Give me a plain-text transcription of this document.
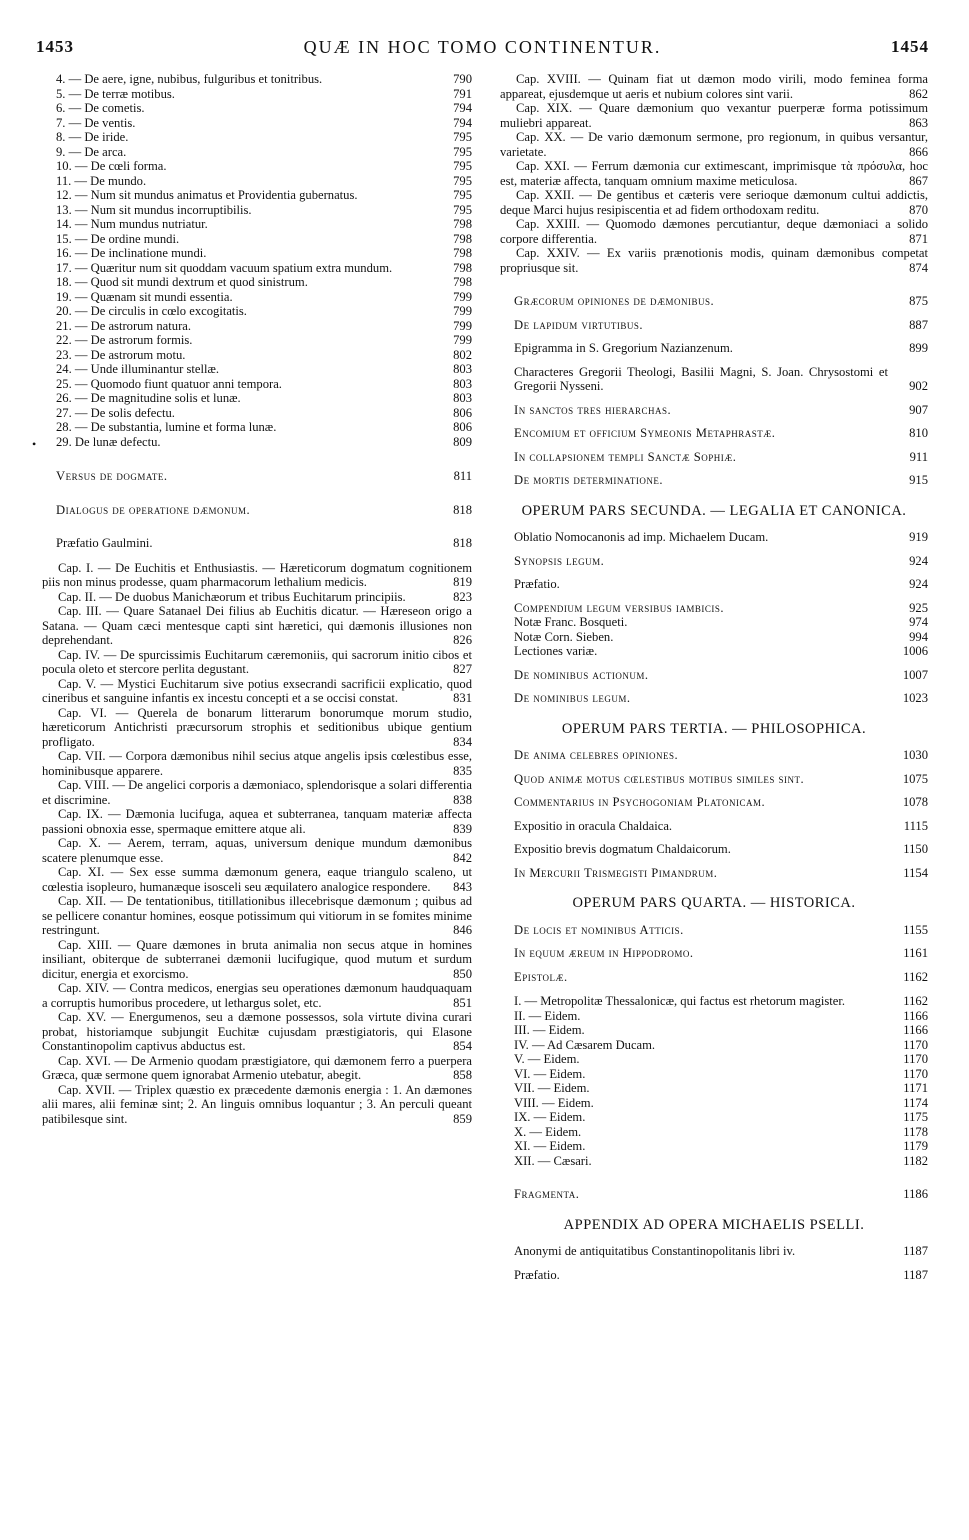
1453	QUÆ IN HOC TOMO CONTINENTUR.	1454
•

4. — De aere, igne, nubibus, fulguribus et tonitribus.	790

5. — De terræ motibus.	791

6. — De cometis.	794

7. — De ventis.	794

8. — De iride.	795

9. — De arca.	795

10. — De cœli forma.	795

11. — De mundo.	795

12. — Num sit mundus animatus et Providentia gubernatus.	795

13. — Num sit mundus incorruptibilis.	795

14. — Num mundus nutriatur.	798

15. — De ordine mundi.	798

16. — De inclinatione mundi.	798

17. — Quæritur num sit quoddam vacuum spatium extra mundum.	798

18. — Quod sit mundi dextrum et quod sinistrum.	798

19. — Quænam sit mundi essentia.	799

20. — De circulis in cœlo excogitatis.	799

21. — De astrorum natura.	799

22. — De astrorum formis.	799

23. — De astrorum motu.	802

24. — Unde illuminantur stellæ.	803

25. — Quomodo fiunt quatuor anni tempora.	803

26. — De magnitudine solis et lunæ.	803

27. — De solis defectu.	806

28. — De substantia, lumine et forma lunæ.	806

29. De lunæ defectu.	809

Versus de dogmate.	811

Dialogus de operatione dæmonum.	818

Præfatio Gaulmini.	818

Cap. I. — De Euchitis et Enthusiastis. — Hæreticorum dogmatum cognitionem piis non minus prodesse, quam pharmacorum lethalium medicis.	819

Cap. II. — De duobus Manichæorum et tribus Euchitarum principiis.	823

Cap. III. — Quare Satanael Dei filius ab Euchitis dicatur. — Hæreseon origo a Satana. — Quam cæci mentesque capti sint hæretici, qui dæmonis illusiones non deprehendant.	826

Cap. IV. — De spurcissimis Euchitarum cæremoniis, qui sacrorum initio cibos et pocula oleto et stercore perlita degustant.	827

Cap. V. — Mystici Euchitarum sive potius exsecrandi sacrificii explicatio, quod cineribus et sanguine infantis ex incestu concepti et a se occisi constat.	831

Cap. VI. — Querela de bonarum litterarum bonorumque morum studio, hæreticorum Antichristi præcursorum strophis et seditionibus ubique gentium profligato.	834

Cap. VII. — Corpora dæmonibus nihil secius atque angelis ipsis cœlestibus esse, hominibusque apparere.	835

Cap. VIII. — De angelici corporis a dæmoniaco, splendorisque a solari differentia et discrimine.	838

Cap. IX. — Dæmonia lucifuga, aquea et subterranea, tanquam materiæ affecta passioni obnoxia esse, spermaque emittere atque ali.	839

Cap. X. — Aerem, terram, aquas, universum denique mundum dæmonibus scatere plenumque esse.	842

Cap. XI. — Sex esse summa dæmonum genera, eaque triangulo scaleno, ut cœlestia isopleuro, humanæque isosceli seu æquilatero analogice respondere.	843

Cap. XII. — De tentationibus, titillationibus illecebrisque dæmonum ; quibus ad se pellicere conantur homines, eosque potissimum qui vitiorum in se fomites minime restringunt.	846

Cap. XIII. — Quare dæmones in bruta animalia non secus atque in homines insiliant, obiterque de subterranei dæmonii lucifugique, quod mutum et surdum dicitur, energia et exorcismo.	850

Cap. XIV. — Contra medicos, energias seu operationes dæmonum haudquaquam a corruptis humoribus procedere, ut lethargus solet, etc.	851

Cap. XV. — Energumenos, seu a dæmone possessos, sola virtute divina curari probat, historiamque subjungit Euchitæ cujusdam præstigiatoris, qui Elasone Constantinopolim captivus abductus est.	854

Cap. XVI. — De Armenio quodam præstigiatore, qui dæmonem ferro a puerpera Græca, quæ sermone quem ignorabat Armenio utebatur, abegit.	858

Cap. XVII. — Triplex quæstio ex præcedente dæmonis energia : 1. An dæmones alii mares, alii feminæ sint; 2. An linguis omnibus loquantur ; 3. An perculi queant patibilesque sint.	859

Cap. XVIII. — Quinam fiat ut dæmon modo virili, modo feminea forma appareat, ejusdemque ut aeris et nubium colores sint varii.	862

Cap. XIX. — Quare dæmonium quo vexantur puerperæ forma potissimum muliebri appareat.	863

Cap. XX. — De vario dæmonum sermone, pro regionum, in quibus versantur, varietate.	866

Cap. XXI. — Ferrum dæmonia cur extimescant, imprimisque τὰ πρόσυλα, hoc est, materiæ affecta, tanquam omnium maxime meticulosa.	867

Cap. XXII. — De gentibus et cæteris vere serioque dæmonum cultui addictis, deque Marci hujus resipiscentia et ad fidem orthodoxam reditu.	870

Cap. XXIII. — Quomodo dæmones percutiantur, deque dæmoniaci a solido corpore differentia.	871

Cap. XXIV. — Ex variis prænotionis modis, quinam dæmonibus competat propriusque sit.	874

Græcorum opiniones de dæmonibus.	875

De lapidum virtutibus.	887

Epigramma in S. Gregorium Nazianzenum.	899

Characteres Gregorii Theologi, Basilii Magni, S. Joan. Chrysostomi et Gregorii Nysseni.	902

In sanctos tres hierarchas.	907

Encomium et officium Symeonis Metaphrastæ.	810

In collapsionem templi Sanctæ Sophiæ.	911

De mortis determinatione.	915

OPERUM PARS SECUNDA. — LEGALIA ET CANONICA.

Oblatio Nomocanonis ad imp. Michaelem Ducam.	919

Synopsis legum.	924

Præfatio.	924

Compendium legum versibus iambicis.	925

Notæ Franc. Bosqueti.	974

Notæ Corn. Sieben.	994

Lectiones variæ.	1006

De nominibus actionum.	1007

De nominibus legum.	1023

OPERUM PARS TERTIA. — PHILOSOPHICA.

De anima celebres opiniones.	1030

Quod animæ motus cœlestibus motibus similes sint.	1075

Commentarius in Psychogoniam Platonicam.	1078

Expositio in oracula Chaldaica.	1115

Expositio brevis dogmatum Chaldaicorum.	1150

In Mercurii Trismegisti Pimandrum.	1154

OPERUM PARS QUARTA. — HISTORICA.

De locis et nominibus Atticis.	1155

In equum æreum in Hippodromo.	1161

Epistolæ.	1162

I. — Metropolitæ Thessalonicæ, qui factus est rhetorum magister.	1162

II. — Eidem.	1166

III. — Eidem.	1166

IV. — Ad Cæsarem Ducam.	1170

V. — Eidem.	1170

VI. — Eidem.	1170

VII. — Eidem.	1171

VIII. — Eidem.	1174

IX. — Eidem.	1175

X. — Eidem.	1178

XI. — Eidem.	1179

XII. — Cæsari.	1182

Fragmenta.	1186

APPENDIX AD OPERA MICHAELIS PSELLI.

Anonymi de antiquitatibus Constantinopolitanis libri iv.	1187

Præfatio.	1187
